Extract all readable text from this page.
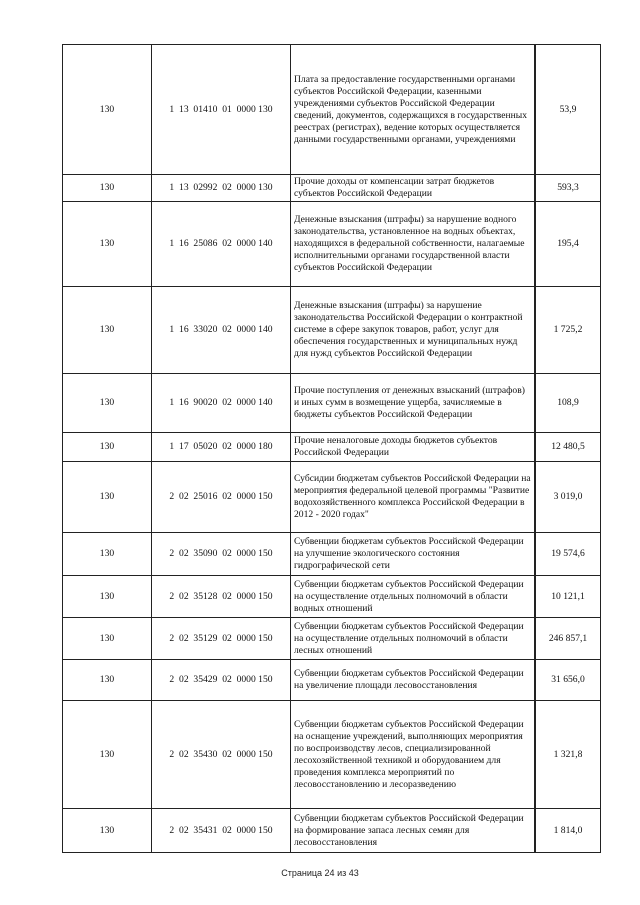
130	1  13  01410  01  0000 130	Плата за предоставление государственными органами субъектов Российской Федерации, казенными учреждениями субъектов Российской Федерации сведений, документов, содержащихся в государственных реестрах (регистрах), ведение которых осуществляется данными государственными органами, учреждениями	53,9
130	1  13  02992  02  0000 130	Прочие доходы от компенсации затрат бюджетов субъектов Российской Федерации	593,3
130	1  16  25086  02  0000 140	Денежные взыскания (штрафы) за нарушение водного законодательства, установленное на водных объектах, находящихся в федеральной собственности, налагаемые исполнительными органами государственной власти субъектов Российской Федерации	195,4
130	1  16  33020  02  0000 140	Денежные взыскания (штрафы) за нарушение законодательства Российской Федерации о контрактной системе в сфере закупок товаров, работ, услуг для обеспечения государственных и муниципальных нужд для нужд субъектов Российской Федерации	1 725,2
130	1  16  90020  02  0000 140	Прочие поступления от денежных взысканий (штрафов) и иных сумм в возмещение ущерба, зачисляемые в бюджеты субъектов Российской Федерации	108,9
130	1  17  05020  02  0000 180	Прочие неналоговые доходы бюджетов субъектов Российской Федерации	12 480,5
130	2  02  25016  02  0000 150	Субсидии бюджетам субъектов Российской Федерации на мероприятия федеральной целевой программы "Развитие водохозяйственного комплекса Российской Федерации в 2012 - 2020 годах"	3 019,0
130	2  02  35090  02  0000 150	Субвенции бюджетам субъектов Российской Федерации на улучшение экологического состояния гидрографической сети	19 574,6
130	2  02  35128  02  0000 150	Субвенции бюджетам субъектов Российской Федерации на осуществление отдельных полномочий в области водных отношений	10 121,1
130	2  02  35129  02  0000 150	Субвенции бюджетам субъектов Российской Федерации на осуществление отдельных полномочий в области лесных отношений	246 857,1
130	2  02  35429  02  0000 150	Субвенции бюджетам субъектов Российской Федерации на увеличение площади лесовосстановления	31 656,0
130	2  02  35430  02  0000 150	Субвенции бюджетам субъектов Российской Федерации на оснащение учреждений, выполняющих мероприятия по воспроизводству лесов, специализированной лесохозяйственной техникой и оборудованием для проведения комплекса мероприятий по лесовосстановлению и лесоразведению	1 321,8
130	2  02  35431  02  0000 150	Субвенции бюджетам субъектов Российской Федерации на формирование запаса лесных семян для лесовосстановления	1 814,0
Страница 24 из 43
